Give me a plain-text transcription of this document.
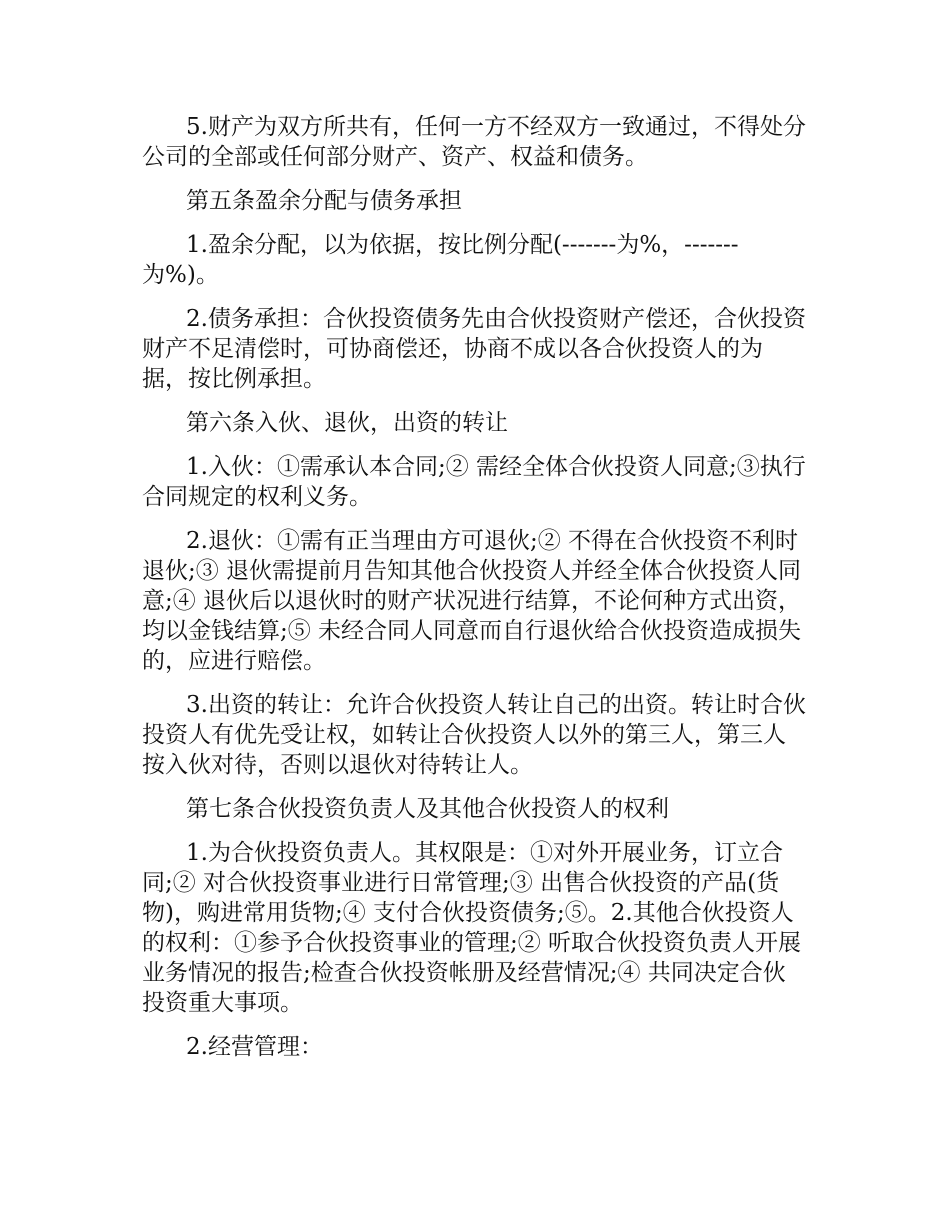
5.财产为双方所共有，任何一方不经双方一致通过，不得处分公司的全部或任何部分财产、资产、权益和债务。

第五条盈余分配与债务承担

1.盈余分配，以为依据，按比例分配(-------为%，-------为%)。

2.债务承担：合伙投资债务先由合伙投资财产偿还，合伙投资财产不足清偿时，可协商偿还，协商不成以各合伙投资人的为据，按比例承担。

第六条入伙、退伙，出资的转让

1.入伙：①需承认本合同;② 需经全体合伙投资人同意;③执行合同规定的权利义务。

2.退伙：①需有正当理由方可退伙;② 不得在合伙投资不利时退伙;③ 退伙需提前月告知其他合伙投资人并经全体合伙投资人同意;④ 退伙后以退伙时的财产状况进行结算，不论何种方式出资，均以金钱结算;⑤ 未经合同人同意而自行退伙给合伙投资造成损失的，应进行赔偿。

3.出资的转让：允许合伙投资人转让自己的出资。转让时合伙投资人有优先受让权，如转让合伙投资人以外的第三人，第三人按入伙对待，否则以退伙对待转让人。

第七条合伙投资负责人及其他合伙投资人的权利

1.为合伙投资负责人。其权限是：①对外开展业务，订立合同;② 对合伙投资事业进行日常管理;③ 出售合伙投资的产品(货物)，购进常用货物;④ 支付合伙投资债务;⑤。2.其他合伙投资人的权利：①参予合伙投资事业的管理;② 听取合伙投资负责人开展业务情况的报告;检查合伙投资帐册及经营情况;④ 共同决定合伙投资重大事项。

2.经营管理：
